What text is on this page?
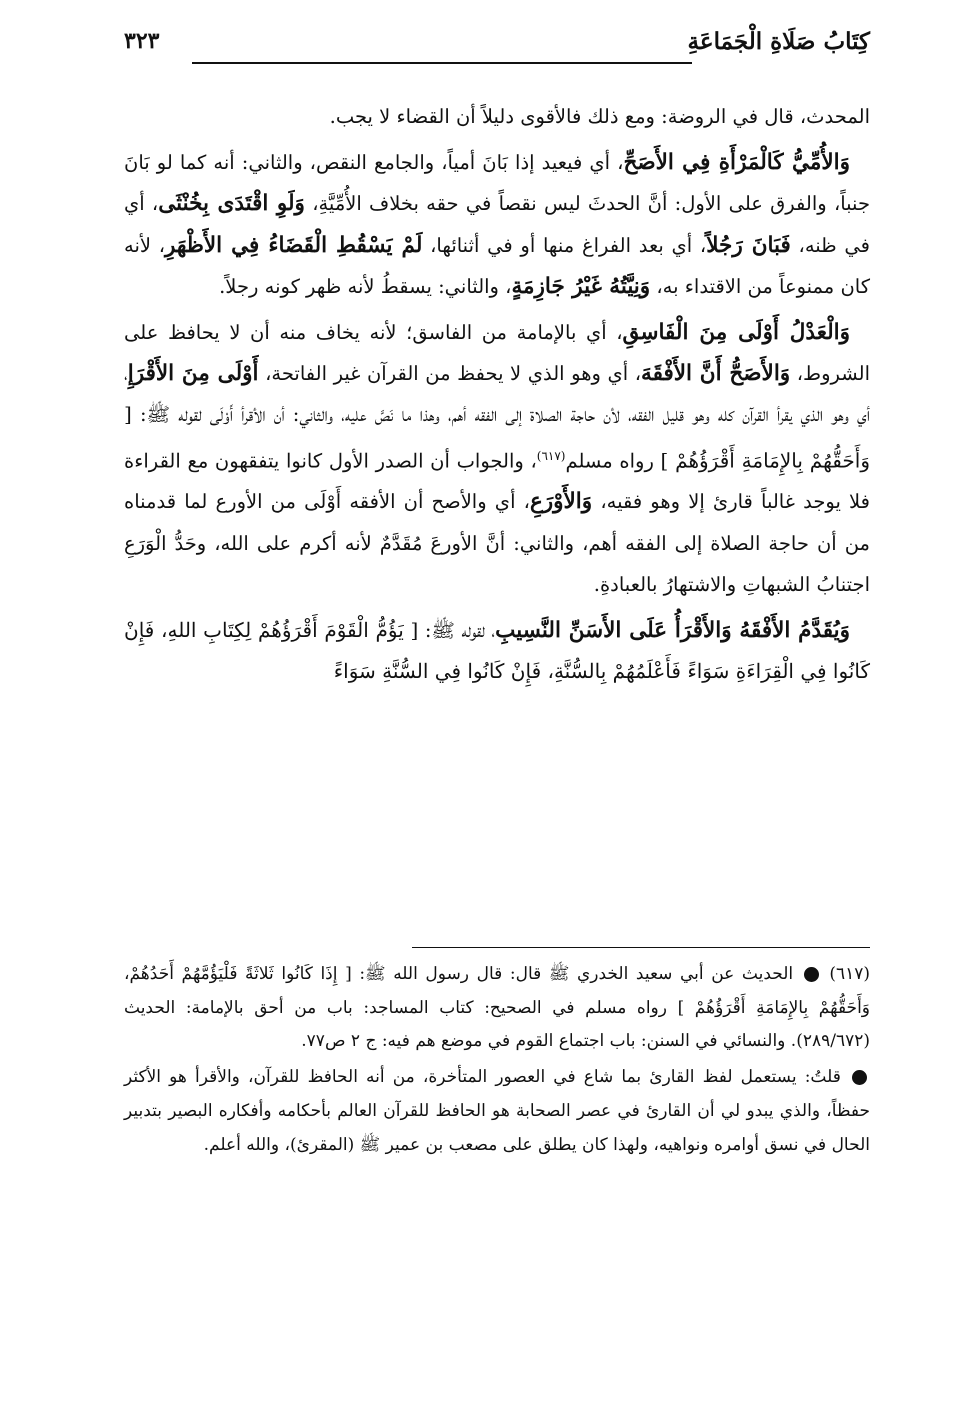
كِتَابُ صَلَاةِ الْجَمَاعَةِ
٣٢٣

المحدث، قال في الروضة: ومع ذلك فالأقوى دليلاً أن القضاء لا يجب.

وَالأُمِّيُّ كَالْمَرْأَةِ فِي الأَصَحِّ، أي فيعيد إذا بَانَ أمياً، والجامع النقص، والثاني: أنه كما لو بَانَ جنباً، والفرق على الأول: أنَّ الحدثَ ليس نقصاً في حقه بخلاف الأُمِّيَّةِ، وَلَوِ اقْتَدَى بِخُنْثَى، أي في ظنه، فَبَانَ رَجُلاً، أي بعد الفراغ منها أو في أثنائها، لَمْ يَسْقُطِ الْقَضَاءُ فِي الأَظْهَرِ، لأنه كان ممنوعاً من الاقتداء به، وَنِيَّتُهُ غَيْرُ جَازِمَةٍ، والثاني: يسقطُ لأنه ظهر كونه رجلاً.

وَالْعَدْلُ أَوْلَى مِنَ الْفَاسِقِ، أي بالإمامة من الفاسق؛ لأنه يخاف منه أن لا يحافظ على الشروط، وَالأَصَحُّ أَنَّ الأَفْقَهَ، أي وهو الذي لا يحفظ من القرآن غير الفاتحة، أَوْلَى مِنَ الأَقْرَإِ، أي وهو الذي يقرأ القرآن كله وهو قليل الفقه، لأن حاجة الصلاة إلى الفقه أهم، وهذا ما نَصَّ عليه، والثاني: أن الأقرأ أَوْلَى لقوله ﷺ: [ وَأَحَقُّهُمْ بِالإِمَامَةِ أَقْرَؤُهُمْ ] رواه مسلم$^{(٦١٧)}$، والجواب أن الصدر الأول كانوا يتفقهون مع القراءة فلا يوجد غالباً قارئ إلا وهو فقيه، وَالأَوْرَعِ، أي والأصح أن الأفقه أَوْلَى من الأورع لما قدمناه من أن حاجة الصلاة إلى الفقه أهم، والثاني: أنَّ الأورعَ مُقَدَّمٌ لأنه أكرم على الله، وحَدُّ الْوَرَعِ اجتنابُ الشبهاتِ والاشتهارُ بالعبادةِ.

وَيُقَدَّمُ الأَفْقَهُ وَالأَقْرَأُ عَلَى الأَسَنِّ النَّسِيبِ، لقوله ﷺ: [ يَؤُمُّ الْقَوْمَ أَقْرَؤُهُمْ لِكِتَابِ اللهِ، فَإِنْ كَانُوا فِي الْقِرَاءَةِ سَوَاءً فَأَعْلَمُهُمْ بِالسُّنَّةِ، فَإِنْ كَانُوا فِي السُّنَّةِ سَوَاءً

(٦١٧)  الحديث عن أبي سعيد الخدري ﷺ قال: قال رسول الله ﷺ: [ إِذَا كَانُوا ثَلاثَةً فَلْيَؤُمَّهُمْ أَحَدُهُمْ، وَأَحَقُّهُمْ بِالإِمَامَةِ أَقْرَؤُهُمْ ] رواه مسلم في الصحيح: كتاب المساجد: باب من أحق بالإمامة: الحديث (٢٨٩/٦٧٢). والنسائي في السنن: باب اجتماع القوم في موضع هم فيه: ج ٢ ص٧٧.

قلتُ: يستعمل لفظ القارئ بما شاع في العصور المتأخرة، من أنه الحافظ للقرآن، والأقرأ هو الأكثر حفظاً، والذي يبدو لي أن القارئ في عصر الصحابة هو الحافظ للقرآن العالم بأحكامه وأفكاره البصير بتدبير الحال في نسق أوامره ونواهيه، ولهذا كان يطلق على مصعب بن عمير ﷺ (المقرئ)، والله أعلم.
